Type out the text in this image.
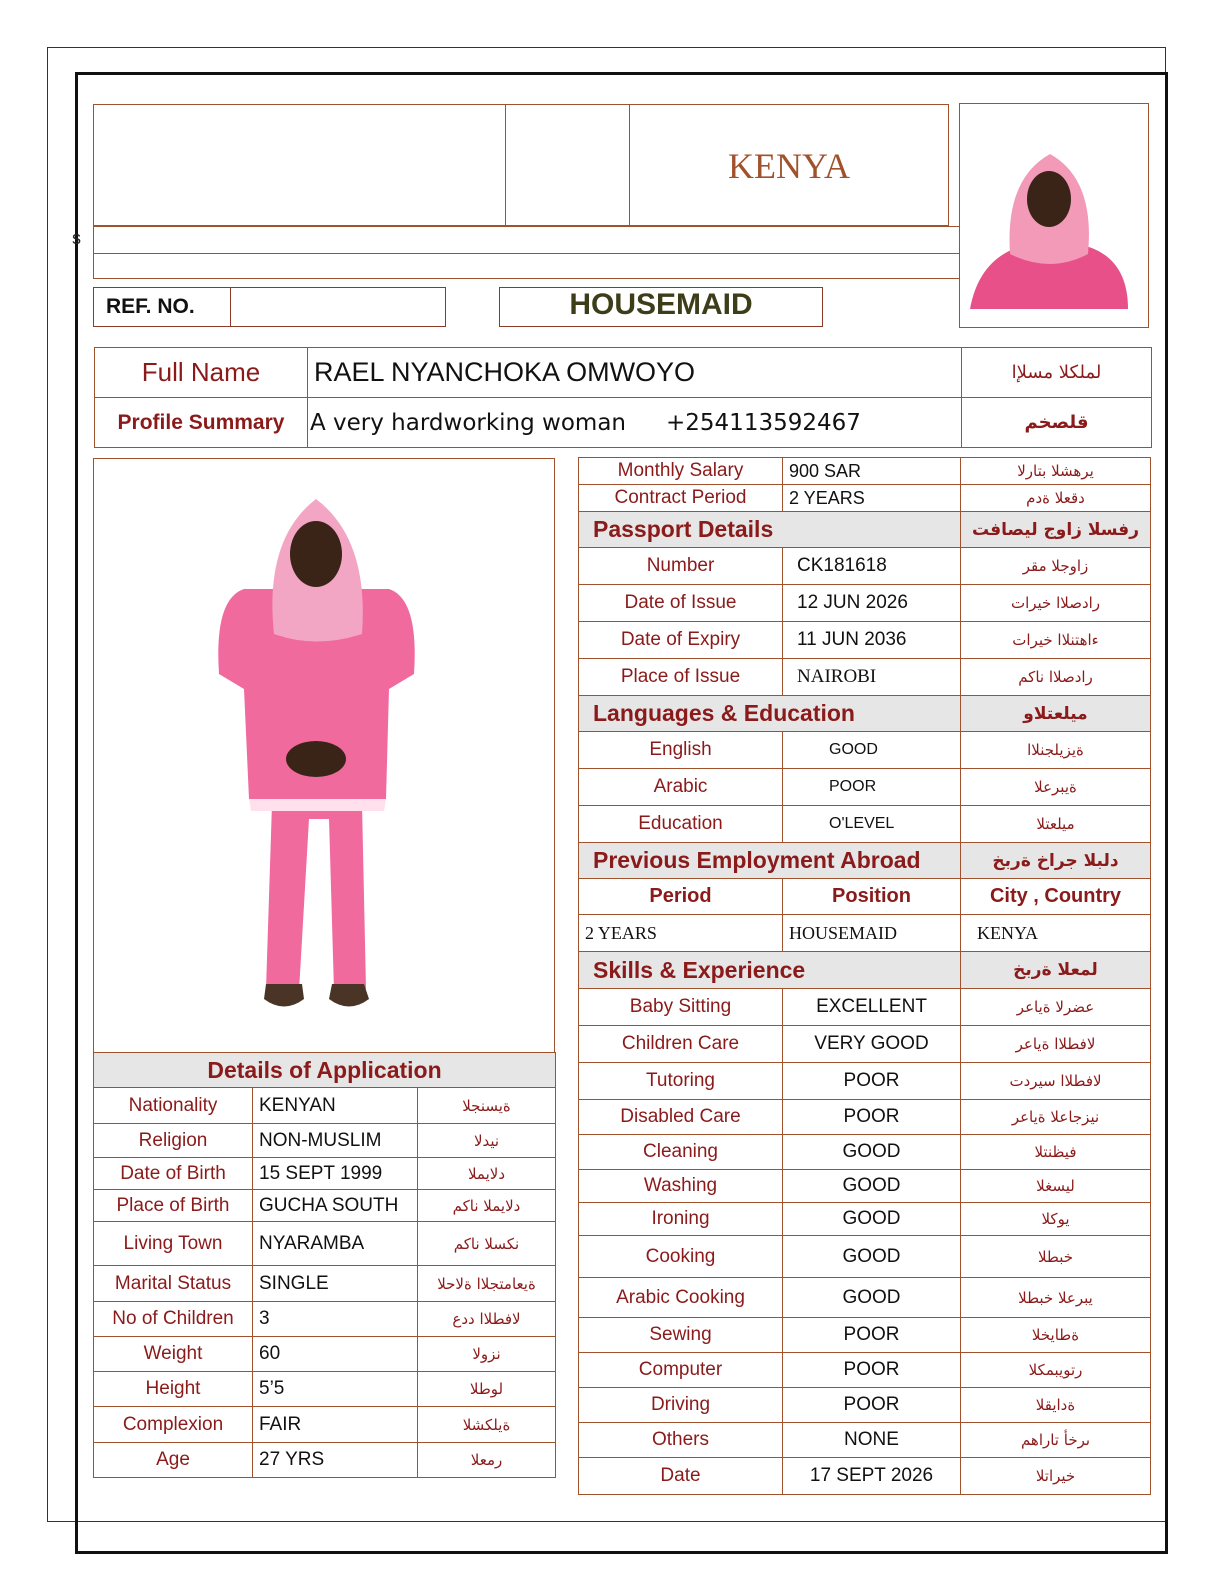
s
KENYA
REF. NO.	HOUSEMAID
Full Name	RAEL NYANCHOKA OMWOYO	لملكلا مسلإا
Profile Summary	A very hardworking woman +254113592467	قلصخم
Details of Application		
Nationality	KENYAN	ةيسنجلا
Religion	NON-MUSLIM	نيدلا
Date of Birth	15 SEPT 1999	دلايملا
Place of Birth	GUCHA SOUTH	دلايملا ناكم
Living Town	NYARAMBA	نكسلا ناكم
Marital Status	SINGLE	ةيعامتجلاا ةلاحلا
No of Children	3	لافطلاا ددع
Weight	60	نزولا
Height	5’5	لوطلا
Complexion	FAIR	ةيلكشلا
Age	27 YRS	رمعلا
Monthly Salary	900 SAR	يرهشلا بتارلا
Contract Period	2 YEARS	دقعلا ةدم
Passport Details		رفسلا زاوج ليصافت
Number	CK181618	زاوجلا مقر
Date of Issue	12 JUN 2026	رادصلاا خيرات
Date of Expiry	11 JUN 2036	ءاهتنلاا خيرات
Place of Issue	NAIROBI	رادصلاا ناكم
Languages & Education		ميلعتلاو
English	GOOD	ةيزيلجنلاا
Arabic	POOR	ةيبرعلا
Education	O'LEVEL	ميلعتلا
Previous Employment Abroad		دلبلا جراخ ةربخ
Period	Position	City , Country
2 YEARS	HOUSEMAID	KENYA
Skills & Experience		لمعلا ةربخ
Baby Sitting	EXCELLENT	عضرلا ةياعر
Children Care	VERY GOOD	لافطلاا ةياعر
Tutoring	POOR	لافطلاا سيردت
Disabled Care	POOR	نيزجاعلا ةياعر
Cleaning	GOOD	فيظنتلا
Washing	GOOD	ليسغلا
Ironing	GOOD	يوكلا
Cooking	GOOD	خبطلا
Arabic Cooking	GOOD	يبرعلا خبطلا
Sewing	POOR	ةطايخلا
Computer	POOR	رتويبمكلا
Driving	POOR	ةدايقلا
Others	NONE	ىرخأ تاراهم
Date	17 SEPT 2026	خيراتلا
